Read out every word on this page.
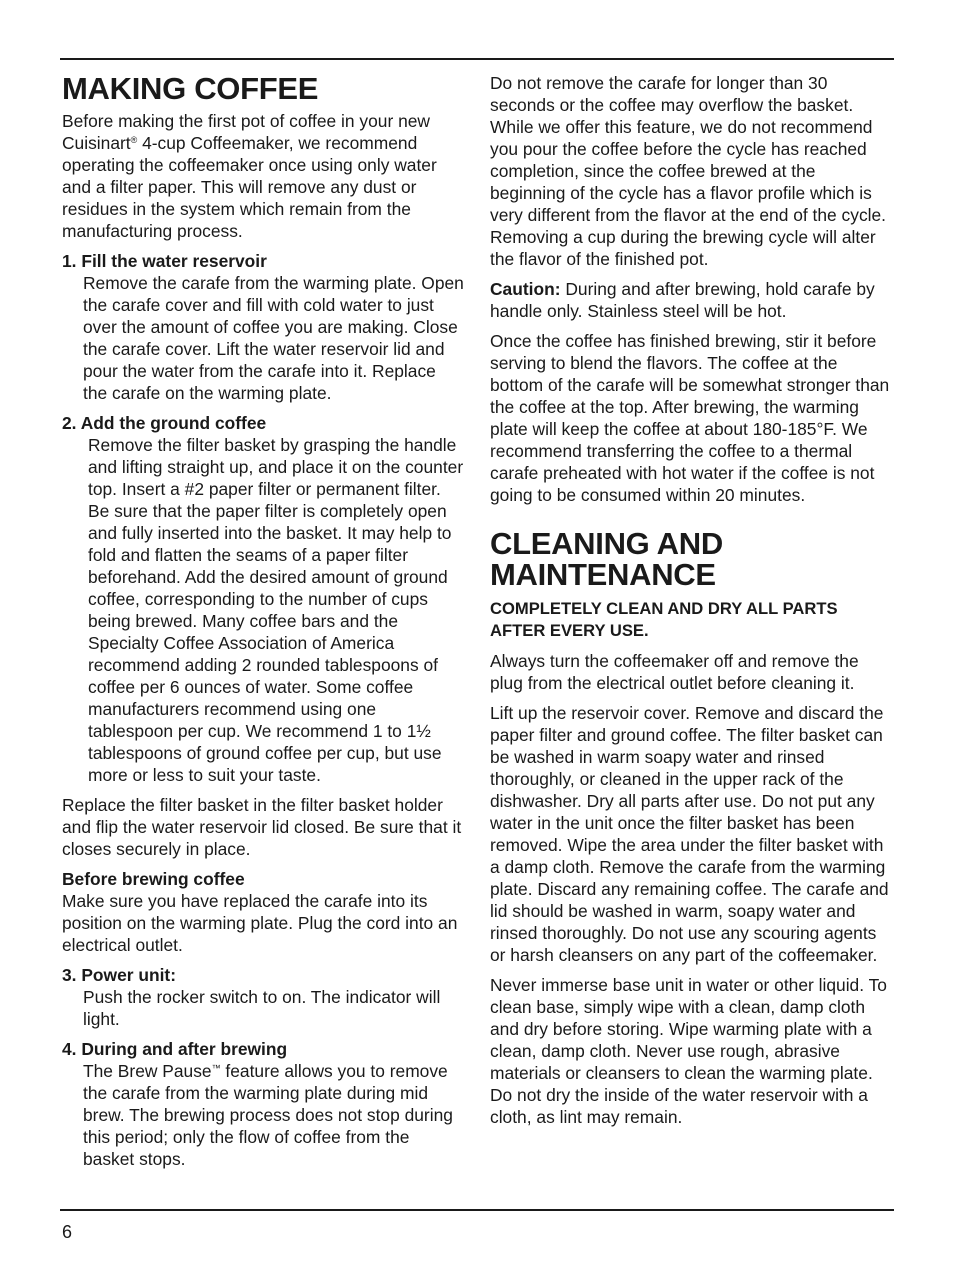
MAKING COFFEE

Before making the first pot of coffee in your new
Cuisinart® 4-cup Coffeemaker, we recommend operating the coffeemaker once using only water and a filter paper. This will remove any dust or residues in the system which remain from the manufacturing process.

1. Fill the water reservoir

Remove the carafe from the warming plate. Open the carafe cover and fill with cold water to just over the amount of coffee you are making. Close the carafe cover. Lift the water reservoir lid and pour the water from the carafe into it. Replace the carafe on the warming plate.

2. Add the ground coffee

Remove the filter basket by grasping the handle and lifting straight up, and place it on the counter top. Insert a #2 paper filter or permanent filter. Be sure that the paper filter is completely open and fully inserted into the basket. It may help to fold and flatten the seams of a paper filter beforehand. Add the desired amount of ground coffee, corresponding to the number of cups being brewed. Many coffee bars and the Specialty Coffee Association of America recommend adding 2 rounded tablespoons of coffee per 6 ounces of water. Some coffee manufacturers recommend using one tablespoon per cup. We recommend 1 to 1½ tablespoons of ground coffee per cup, but use more or less to suit your taste.

Replace the filter basket in the filter basket holder and flip the water reservoir lid closed. Be sure that it closes securely in place.

Before brewing coffee

Make sure you have replaced the carafe into its position on the warming plate. Plug the cord into an electrical outlet.

3. Power unit:

Push the rocker switch to on. The indicator will light.

4. During and after brewing

The Brew Pause™ feature allows you to remove the carafe from the warming plate during mid brew. The brewing process does not stop during this period; only the flow of coffee from the basket stops.

Do not remove the carafe for longer than 30 seconds or the coffee may overflow the basket. While we offer this feature, we do not recommend you pour the coffee before the cycle has reached completion, since the coffee brewed at the beginning of the cycle has a flavor profile which is very different from the flavor at the end of the cycle. Removing a cup during the brewing cycle will alter the flavor of the finished pot.

Caution: During and after brewing, hold carafe by handle only. Stainless steel will be hot.

Once the coffee has finished brewing, stir it before serving to blend the flavors. The coffee at the bottom of the carafe will be somewhat stronger than the coffee at the top. After brewing, the warming plate will keep the coffee at about 180-185°F. We recommend transferring the coffee to a thermal carafe preheated with hot water if the coffee is not going to be consumed within 20 minutes.

CLEANING AND
MAINTENANCE
COMPLETELY CLEAN AND DRY ALL PARTS AFTER EVERY USE.

Always turn the coffeemaker off and remove the plug from the electrical outlet before cleaning it.

Lift up the reservoir cover. Remove and discard the paper filter and ground coffee. The filter basket can be washed in warm soapy water and rinsed thoroughly, or cleaned in the upper rack of the dishwasher. Dry all parts after use. Do not put any water in the unit once the filter basket has been removed. Wipe the area under the filter basket with a damp cloth. Remove the carafe from the warming plate. Discard any remaining coffee. The carafe and lid should be washed in warm, soapy water and rinsed thoroughly. Do not use any scouring agents or harsh cleansers on any part of the coffeemaker.

Never immerse base unit in water or other liquid. To clean base, simply wipe with a clean, damp cloth and dry before storing. Wipe warming plate with a clean, damp cloth. Never use rough, abrasive materials or cleansers to clean the warming plate. Do not dry the inside of the water reservoir with a cloth, as lint may remain.

6
